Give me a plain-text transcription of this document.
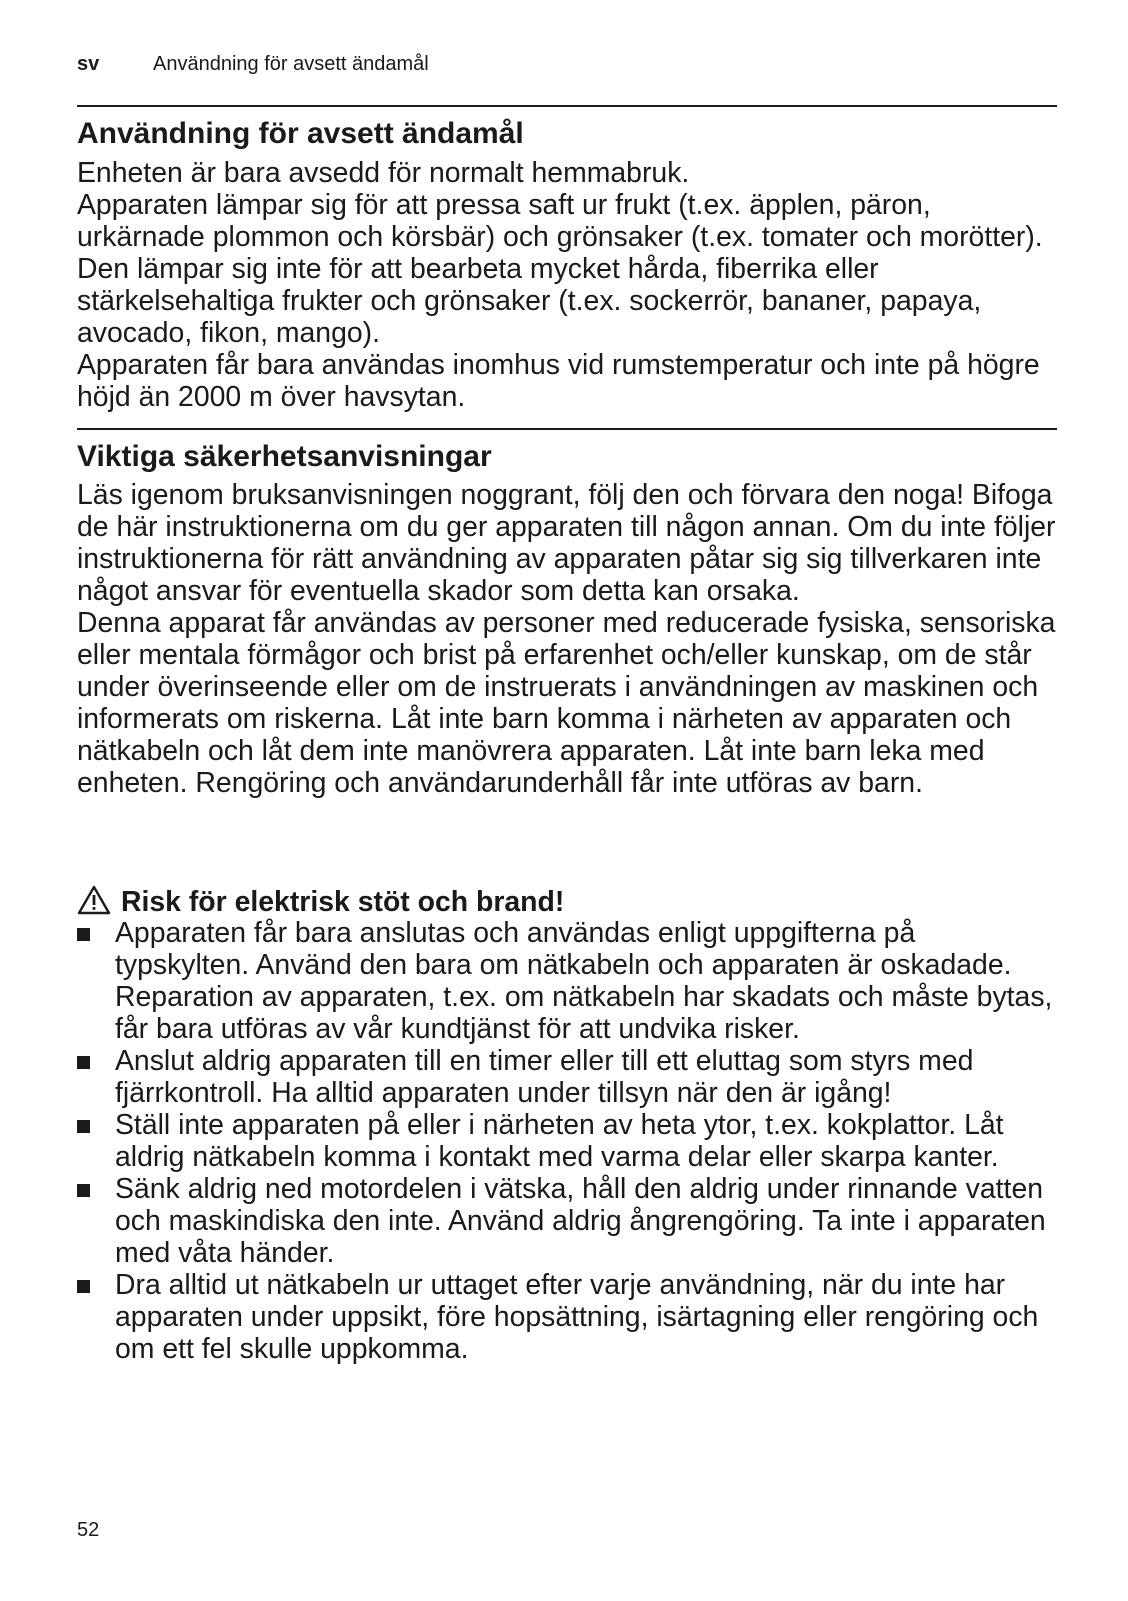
sv	Användning för avsett ändamål
Användning för avsett ändamål

Enheten är bara avsedd för normalt hemmabruk.

Apparaten lämpar sig för att pressa saft ur frukt (t.ex. äpplen, päron, urkärnade plommon och körsbär) och grönsaker (t.ex. tomater och morötter). Den lämpar sig inte för att bearbeta mycket hårda, fiberrika eller stärkelsehaltiga frukter och grönsaker (t.ex. sockerrör, bananer, papaya, avocado, fikon, mango).

Apparaten får bara användas inomhus vid rumstemperatur och inte på högre höjd än 2000 m över havsytan.

Viktiga säkerhetsanvisningar

Läs igenom bruksanvisningen noggrant, följ den och förvara den noga! Bifoga de här instruktionerna om du ger apparaten till någon annan. Om du inte följer instruktionerna för rätt användning av apparaten påtar sig sig tillverkaren inte något ansvar för eventuella skador som detta kan orsaka.

Denna apparat får användas av personer med reducerade fysiska, sensoriska eller mentala förmågor och brist på erfarenhet och/eller kunskap, om de står under överinseende eller om de instruerats i användningen av maskinen och informerats om riskerna. Låt inte barn komma i närheten av apparaten och nätkabeln och låt dem inte manövrera apparaten. Låt inte barn leka med enheten. Rengöring och användarunderhåll får inte utföras av barn.

Risk för elektrisk stöt och brand!
Apparaten får bara anslutas och användas enligt uppgifterna på typskylten. Använd den bara om nätkabeln och apparaten är oskadade. Reparation av apparaten, t.ex. om nätkabeln har skadats och måste bytas, får bara utföras av vår kundtjänst för att undvika risker.
Anslut aldrig apparaten till en timer eller till ett eluttag som styrs med fjärrkontroll. Ha alltid apparaten under tillsyn när den är igång!
Ställ inte apparaten på eller i närheten av heta ytor, t.ex. kokplattor. Låt aldrig nätkabeln komma i kontakt med varma delar eller skarpa kanter.
Sänk aldrig ned motordelen i vätska, håll den aldrig under rinnande vatten och maskindiska den inte. Använd aldrig ångrengöring. Ta inte i apparaten med våta händer.
Dra alltid ut nätkabeln ur uttaget efter varje användning, när du inte har apparaten under uppsikt, före hopsättning, isärtagning eller rengöring och om ett fel skulle uppkomma.
52
